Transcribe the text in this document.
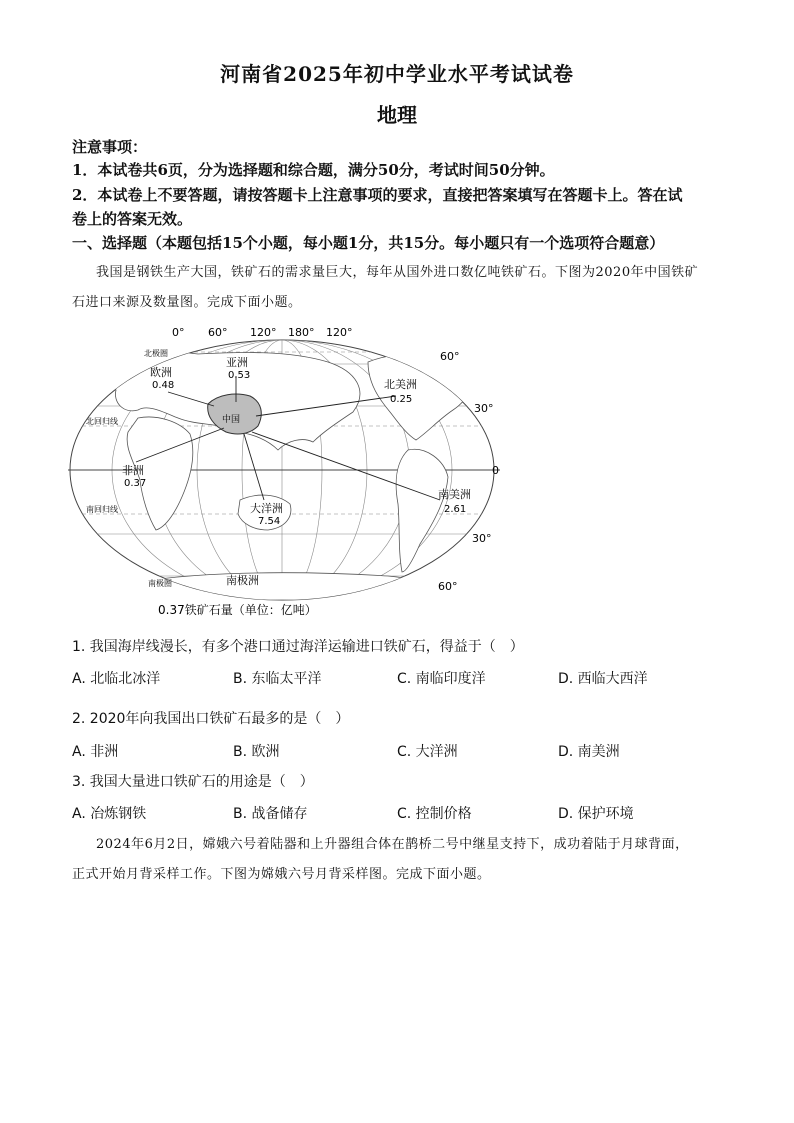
河南省2025年初中学业水平考试试卷
地理
注意事项：
1．本试卷共6页，分为选择题和综合题，满分50分，考试时间50分钟。
2．本试卷上不要答题，请按答题卡上注意事项的要求，直接把答案填写在答题卡上。答在试
卷上的答案无效。
一、选择题（本题包括15个小题，每小题1分，共15分。每小题只有一个选项符合题意）
我国是钢铁生产大国，铁矿石的需求量巨大，每年从国外进口数亿吨铁矿石。下图为2020年中国铁矿
石进口来源及数量图。完成下面小题。
0° 60° 120° 180° 120°
60°
30°
0
30°
60°
北极圈
北回归线
南回归线
南极圈
中国
亚洲
0.53
欧洲
0.48	北美洲
0.25
非洲
0.37
大洋洲
7.54
南美洲
2.61
南极洲
0.37铁矿石量（单位：亿吨）
1. 我国海岸线漫长，有多个港口通过海洋运输进口铁矿石，得益于（　）
A. 北临北冰洋	B. 东临太平洋	C. 南临印度洋	D. 西临大西洋
2. 2020年向我国出口铁矿石最多的是（　）
A. 非洲	B. 欧洲	C. 大洋洲	D. 南美洲
3. 我国大量进口铁矿石的用途是（　）
A. 冶炼钢铁	B. 战备储存	C. 控制价格	D. 保护环境
2024年6月2日，嫦娥六号着陆器和上升器组合体在鹊桥二号中继星支持下，成功着陆于月球背面，
正式开始月背采样工作。下图为嫦娥六号月背采样图。完成下面小题。
